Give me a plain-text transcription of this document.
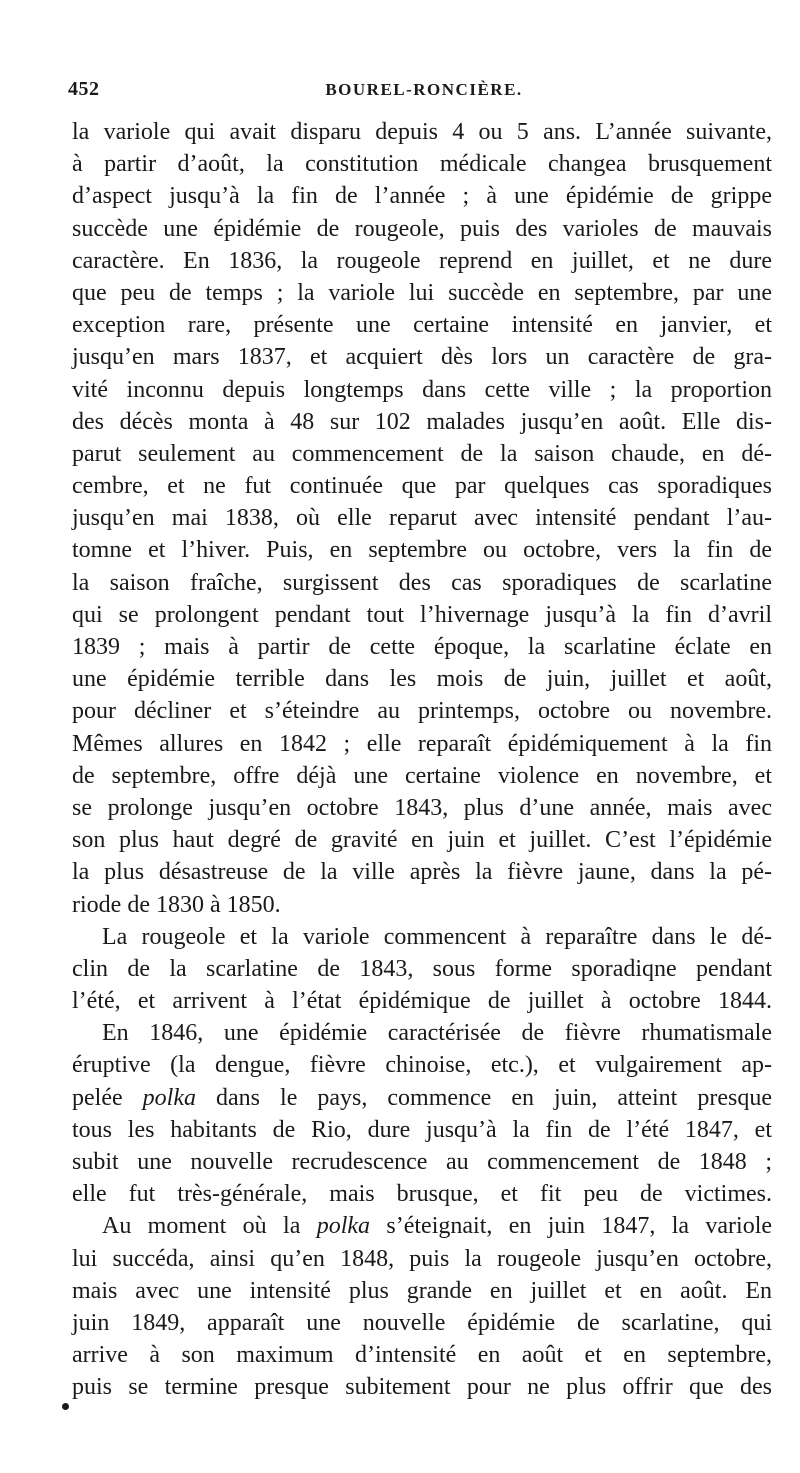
452	BOUREL-RONCIÈRE.
la variole qui avait disparu depuis 4 ou 5 ans. L’année suivante,
à partir d’août, la constitution médicale changea brusquement
d’aspect jusqu’à la fin de l’année ; à une épidémie de grippe
succède une épidémie de rougeole, puis des varioles de mauvais
caractère. En 1836, la rougeole reprend en juillet, et ne dure
que peu de temps ; la variole lui succède en septembre, par une
exception rare, présente une certaine intensité en janvier, et
jusqu’en mars 1837, et acquiert dès lors un caractère de gra-
vité inconnu depuis longtemps dans cette ville ; la proportion
des décès monta à 48 sur 102 malades jusqu’en août. Elle dis-
parut seulement au commencement de la saison chaude, en dé-
cembre, et ne fut continuée que par quelques cas sporadiques
jusqu’en mai 1838, où elle reparut avec intensité pendant l’au-
tomne et l’hiver. Puis, en septembre ou octobre, vers la fin de
la saison fraîche, surgissent des cas sporadiques de scarlatine
qui se prolongent pendant tout l’hivernage jusqu’à la fin d’avril
1839 ; mais à partir de cette époque, la scarlatine éclate en
une épidémie terrible dans les mois de juin, juillet et août,
pour décliner et s’éteindre au printemps, octobre ou novembre.
Mêmes allures en 1842 ; elle reparaît épidémiquement à la fin
de septembre, offre déjà une certaine violence en novembre, et
se prolonge jusqu’en octobre 1843, plus d’une année, mais avec
son plus haut degré de gravité en juin et juillet. C’est l’épidémie
la plus désastreuse de la ville après la fièvre jaune, dans la pé-
riode de 1830 à 1850.
La rougeole et la variole commencent à reparaître dans le dé-
clin de la scarlatine de 1843, sous forme sporadiqne pendant
l’été, et arrivent à l’état épidémique de juillet à octobre 1844.
En 1846, une épidémie caractérisée de fièvre rhumatismale
éruptive (la dengue, fièvre chinoise, etc.), et vulgairement ap-
pelée polka dans le pays, commence en juin, atteint presque
tous les habitants de Rio, dure jusqu’à la fin de l’été 1847, et
subit une nouvelle recrudescence au commencement de 1848 ;
elle fut très-générale, mais brusque, et fit peu de victimes.
Au moment où la polka s’éteignait, en juin 1847, la variole
lui succéda, ainsi qu’en 1848, puis la rougeole jusqu’en octobre,
mais avec une intensité plus grande en juillet et en août. En
juin 1849, apparaît une nouvelle épidémie de scarlatine, qui
arrive à son maximum d’intensité en août et en septembre,
puis se termine presque subitement pour ne plus offrir que des
